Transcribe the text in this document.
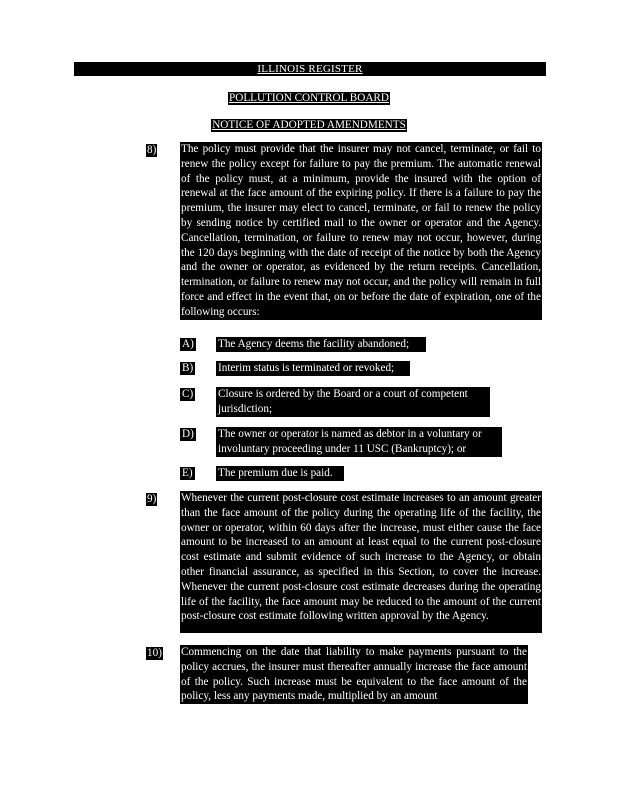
ILLINOIS REGISTER
POLLUTION CONTROL BOARD
NOTICE OF ADOPTED AMENDMENTS
8) The policy must provide that the insurer may not cancel, terminate, or fail to renew the policy except for failure to pay the premium. The automatic renewal of the policy must, at a minimum, provide the insured with the option of renewal at the face amount of the expiring policy. If there is a failure to pay the premium, the insurer may elect to cancel, terminate, or fail to renew the policy by sending notice by certified mail to the owner or operator and the Agency. Cancellation, termination, or failure to renew may not occur, however, during the 120 days beginning with the date of receipt of the notice by both the Agency and the owner or operator, as evidenced by the return receipts. Cancellation, termination, or failure to renew may not occur, and the policy will remain in full force and effect in the event that, on or before the date of expiration, one of the following occurs:
A) The Agency deems the facility abandoned;
B) Interim status is terminated or revoked;
C) Closure is ordered by the Board or a court of competent jurisdiction;
D) The owner or operator is named as debtor in a voluntary or involuntary proceeding under 11 USC (Bankruptcy); or
E) The premium due is paid.
9) Whenever the current post-closure cost estimate increases to an amount greater than the face amount of the policy during the operating life of the facility, the owner or operator, within 60 days after the increase, must either cause the face amount to be increased to an amount at least equal to the current post-closure cost estimate and submit evidence of such increase to the Agency, or obtain other financial assurance, as specified in this Section, to cover the increase. Whenever the current post-closure cost estimate decreases during the operating life of the facility, the face amount may be reduced to the amount of the current post-closure cost estimate following written approval by the Agency.
10) Commencing on the date that liability to make payments pursuant to the policy accrues, the insurer must thereafter annually increase the face amount of the policy. Such increase must be equivalent to the face amount of the policy, less any payments made, multiplied by an amount
